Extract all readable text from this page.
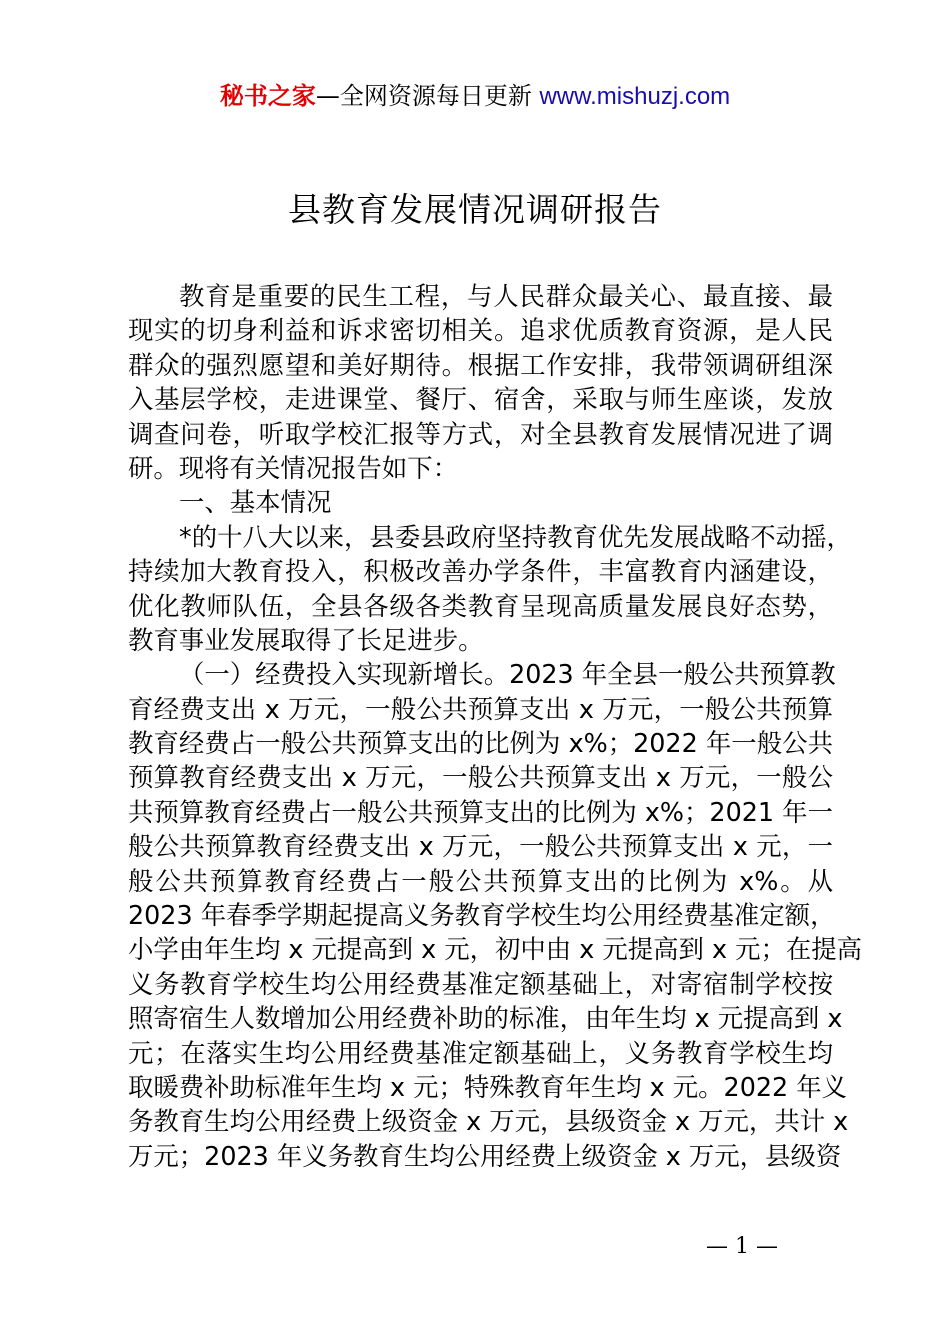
秘书之家—全网资源每日更新 www.mishuzj.com
县教育发展情况调研报告
教育是重要的民生工程，与人民群众最关心、最直接、最
现实的切身利益和诉求密切相关。追求优质教育资源，是人民
群众的强烈愿望和美好期待。根据工作安排，我带领调研组深
入基层学校，走进课堂、餐厅、宿舍，采取与师生座谈，发放
调查问卷，听取学校汇报等方式，对全县教育发展情况进了调
研。现将有关情况报告如下：
一、基本情况
*的十八大以来，县委县政府坚持教育优先发展战略不动摇，
持续加大教育投入，积极改善办学条件，丰富教育内涵建设，
优化教师队伍，全县各级各类教育呈现高质量发展良好态势，
教育事业发展取得了长足进步。
（一）经费投入实现新增长。2023 年全县一般公共预算教
育经费支出 x 万元，一般公共预算支出 x 万元，一般公共预算
教育经费占一般公共预算支出的比例为 x%；2022 年一般公共
预算教育经费支出 x 万元，一般公共预算支出 x 万元，一般公
共预算教育经费占一般公共预算支出的比例为 x%；2021 年一
般公共预算教育经费支出 x 万元，一般公共预算支出 x 元，一
般公共预算教育经费占一般公共预算支出的比例为 x%。从
2023 年春季学期起提高义务教育学校生均公用经费基准定额，
小学由年生均 x 元提高到 x 元，初中由 x 元提高到 x 元；在提高
义务教育学校生均公用经费基准定额基础上，对寄宿制学校按
照寄宿生人数增加公用经费补助的标准，由年生均 x 元提高到 x
元；在落实生均公用经费基准定额基础上，义务教育学校生均
取暖费补助标准年生均 x 元；特殊教育年生均 x 元。2022 年义
务教育生均公用经费上级资金 x 万元，县级资金 x 万元，共计 x
万元；2023 年义务教育生均公用经费上级资金 x 万元，县级资
— 1 —
